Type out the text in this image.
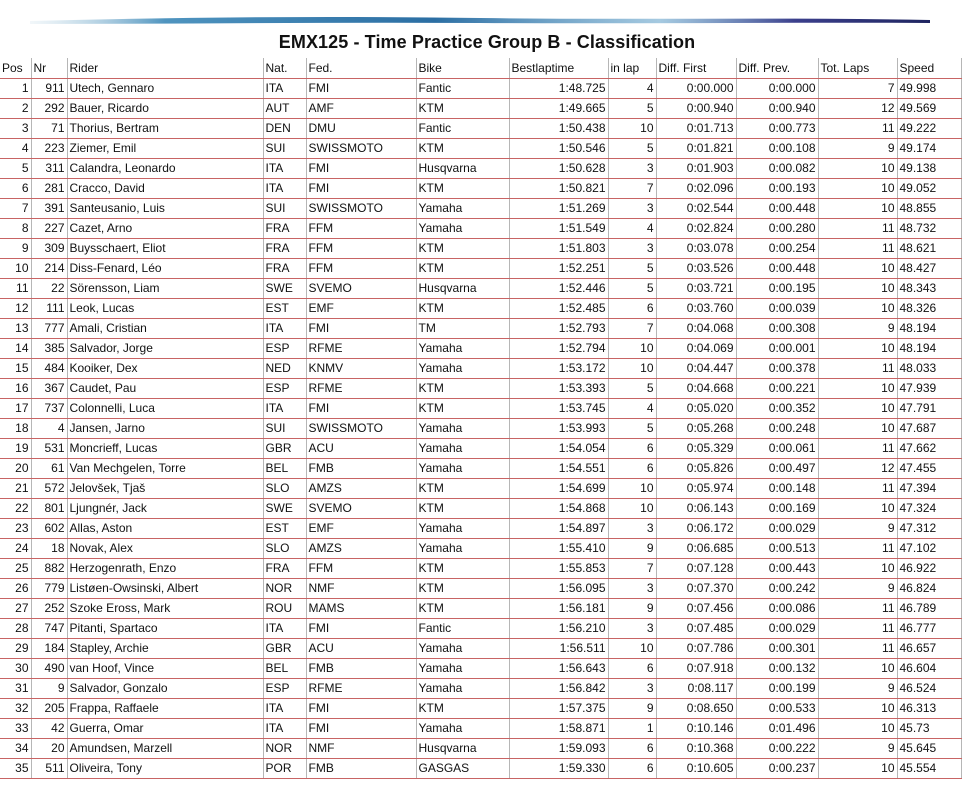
EMX125 - Time Practice Group B - Classification
Pos	Nr	Rider	Nat.	Fed.	Bike	Bestlaptime	in lap	Diff. First	Diff. Prev.	Tot. Laps	Speed
1	911	Utech, Gennaro	ITA	FMI	Fantic	1:48.725	4	0:00.000	0:00.000	7	49.998
2	292	Bauer, Ricardo	AUT	AMF	KTM	1:49.665	5	0:00.940	0:00.940	12	49.569
3	71	Thorius, Bertram	DEN	DMU	Fantic	1:50.438	10	0:01.713	0:00.773	11	49.222
4	223	Ziemer, Emil	SUI	SWISSMOTO	KTM	1:50.546	5	0:01.821	0:00.108	9	49.174
5	311	Calandra, Leonardo	ITA	FMI	Husqvarna	1:50.628	3	0:01.903	0:00.082	10	49.138
6	281	Cracco, David	ITA	FMI	KTM	1:50.821	7	0:02.096	0:00.193	10	49.052
7	391	Santeusanio, Luis	SUI	SWISSMOTO	Yamaha	1:51.269	3	0:02.544	0:00.448	10	48.855
8	227	Cazet, Arno	FRA	FFM	Yamaha	1:51.549	4	0:02.824	0:00.280	11	48.732
9	309	Buysschaert, Eliot	FRA	FFM	KTM	1:51.803	3	0:03.078	0:00.254	11	48.621
10	214	Diss-Fenard, Léo	FRA	FFM	KTM	1:52.251	5	0:03.526	0:00.448	10	48.427
11	22	Sörensson, Liam	SWE	SVEMO	Husqvarna	1:52.446	5	0:03.721	0:00.195	10	48.343
12	111	Leok, Lucas	EST	EMF	KTM	1:52.485	6	0:03.760	0:00.039	10	48.326
13	777	Amali, Cristian	ITA	FMI	TM	1:52.793	7	0:04.068	0:00.308	9	48.194
14	385	Salvador, Jorge	ESP	RFME	Yamaha	1:52.794	10	0:04.069	0:00.001	10	48.194
15	484	Kooiker, Dex	NED	KNMV	Yamaha	1:53.172	10	0:04.447	0:00.378	11	48.033
16	367	Caudet, Pau	ESP	RFME	KTM	1:53.393	5	0:04.668	0:00.221	10	47.939
17	737	Colonnelli, Luca	ITA	FMI	KTM	1:53.745	4	0:05.020	0:00.352	10	47.791
18	4	Jansen, Jarno	SUI	SWISSMOTO	Yamaha	1:53.993	5	0:05.268	0:00.248	10	47.687
19	531	Moncrieff, Lucas	GBR	ACU	Yamaha	1:54.054	6	0:05.329	0:00.061	11	47.662
20	61	Van Mechgelen, Torre	BEL	FMB	Yamaha	1:54.551	6	0:05.826	0:00.497	12	47.455
21	572	Jelovšek, Tjaš	SLO	AMZS	KTM	1:54.699	10	0:05.974	0:00.148	11	47.394
22	801	Ljungnér, Jack	SWE	SVEMO	KTM	1:54.868	10	0:06.143	0:00.169	10	47.324
23	602	Allas, Aston	EST	EMF	Yamaha	1:54.897	3	0:06.172	0:00.029	9	47.312
24	18	Novak, Alex	SLO	AMZS	Yamaha	1:55.410	9	0:06.685	0:00.513	11	47.102
25	882	Herzogenrath, Enzo	FRA	FFM	KTM	1:55.853	7	0:07.128	0:00.443	10	46.922
26	779	Listøen-Owsinski, Albert	NOR	NMF	KTM	1:56.095	3	0:07.370	0:00.242	9	46.824
27	252	Szoke Eross, Mark	ROU	MAMS	KTM	1:56.181	9	0:07.456	0:00.086	11	46.789
28	747	Pitanti, Spartaco	ITA	FMI	Fantic	1:56.210	3	0:07.485	0:00.029	11	46.777
29	184	Stapley, Archie	GBR	ACU	Yamaha	1:56.511	10	0:07.786	0:00.301	11	46.657
30	490	van Hoof, Vince	BEL	FMB	Yamaha	1:56.643	6	0:07.918	0:00.132	10	46.604
31	9	Salvador, Gonzalo	ESP	RFME	Yamaha	1:56.842	3	0:08.117	0:00.199	9	46.524
32	205	Frappa, Raffaele	ITA	FMI	KTM	1:57.375	9	0:08.650	0:00.533	10	46.313
33	42	Guerra, Omar	ITA	FMI	Yamaha	1:58.871	1	0:10.146	0:01.496	10	45.73
34	20	Amundsen, Marzell	NOR	NMF	Husqvarna	1:59.093	6	0:10.368	0:00.222	9	45.645
35	511	Oliveira, Tony	POR	FMB	GASGAS	1:59.330	6	0:10.605	0:00.237	10	45.554
